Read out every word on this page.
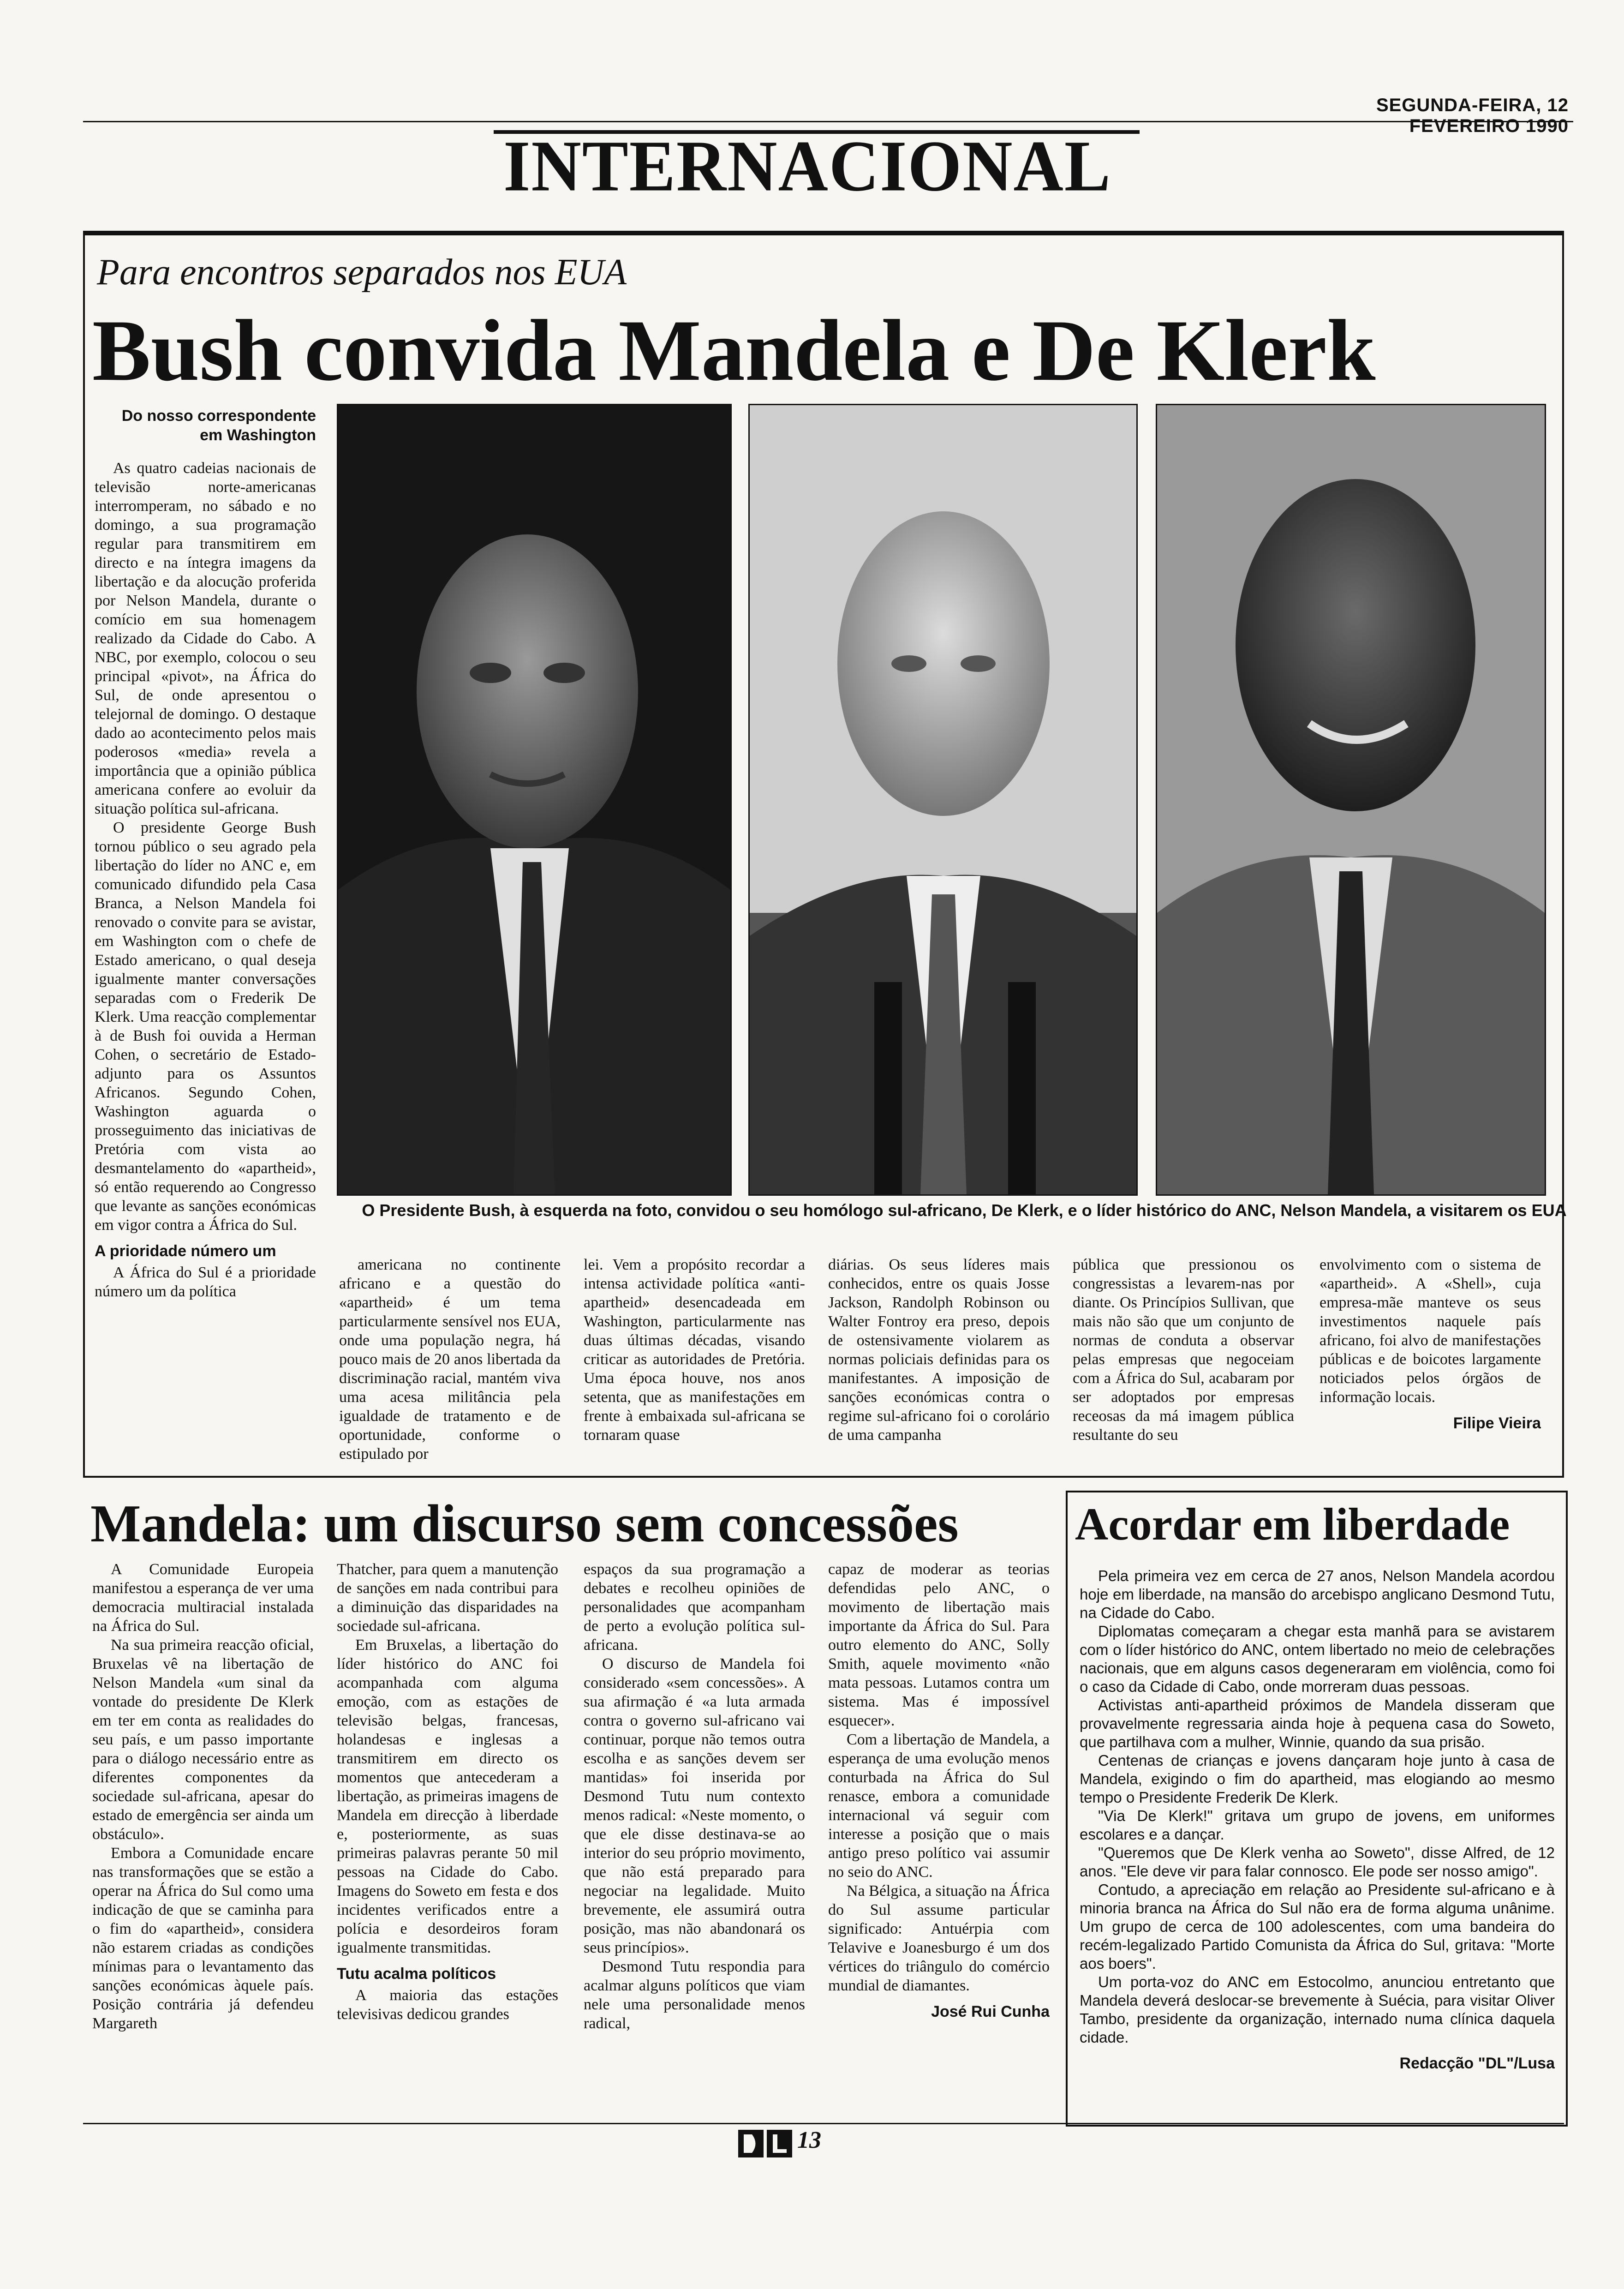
SEGUNDA-FEIRA, 12 FEVEREIRO 1990
INTERNACIONAL
Para encontros separados nos EUA
Bush convida Mandela e De Klerk
Do nosso correspondente
em Washington

As quatro cadeias nacionais de televisão norte-americanas interromperam, no sábado e no domingo, a sua programação regular para transmitirem em directo e na íntegra imagens da libertação e da alocução proferida por Nelson Mandela, durante o comício em sua homenagem realizado da Cidade do Cabo. A NBC, por exemplo, colocou o seu principal «pivot», na África do Sul, de onde apresentou o telejornal de domingo. O destaque dado ao acontecimento pelos mais poderosos «media» revela a importância que a opinião pública americana confere ao evoluir da situação política sul-africana.

O presidente George Bush tornou público o seu agrado pela libertação do líder no ANC e, em comunicado difundido pela Casa Branca, a Nelson Mandela foi renovado o convite para se avistar, em Washington com o chefe de Estado americano, o qual deseja igualmente manter conversações separadas com o Frederik De Klerk. Uma reacção complementar à de Bush foi ouvida a Herman Cohen, o secretário de Estado-adjunto para os Assuntos Africanos. Segundo Cohen, Washington aguarda o prosseguimento das iniciativas de Pretória com vista ao desmantelamento do «apartheid», só então requerendo ao Congresso que levante as sanções económicas em vigor contra a África do Sul.

A prioridade número um

A África do Sul é a prioridade número um da política

O Presidente Bush, à esquerda na foto, convidou o seu homólogo sul-africano, De Klerk, e o líder histórico do ANC, Nelson Mandela, a visitarem os EUA

americana no continente africano e a questão do «apartheid» é um tema particularmente sensível nos EUA, onde uma população negra, há pouco mais de 20 anos libertada da discriminação racial, mantém viva uma acesa militância pela igualdade de tratamento e de oportunidade, conforme o estipulado por

lei. Vem a propósito recordar a intensa actividade política «anti-apartheid» desencadeada em Washington, particularmente nas duas últimas décadas, visando criticar as autoridades de Pretória. Uma época houve, nos anos setenta, que as manifestações em frente à embaixada sul-africana se tornaram quase

diárias. Os seus líderes mais conhecidos, entre os quais Josse Jackson, Randolph Robinson ou Walter Fontroy era preso, depois de ostensivamente violarem as normas policiais definidas para os manifestantes. A imposição de sanções económicas contra o regime sul-africano foi o corolário de uma campanha

pública que pressionou os congressistas a levarem-nas por diante. Os Princípios Sullivan, que mais não são que um conjunto de normas de conduta a observar pelas empresas que negoceiam com a África do Sul, acabaram por ser adoptados por empresas receosas da má imagem pública resultante do seu

envolvimento com o sistema de «apartheid». A «Shell», cuja empresa-mãe manteve os seus investimentos naquele país africano, foi alvo de manifestações públicas e de boicotes largamente noticiados pelos órgãos de informação locais.

Filipe Vieira
Mandela: um discurso sem concessões

A Comunidade Europeia manifestou a esperança de ver uma democracia multiracial instalada na África do Sul.

Na sua primeira reacção oficial, Bruxelas vê na libertação de Nelson Mandela «um sinal da vontade do presidente De Klerk em ter em conta as realidades do seu país, e um passo importante para o diálogo necessário entre as diferentes componentes da sociedade sul-africana, apesar do estado de emergência ser ainda um obstáculo».

Embora a Comunidade encare nas transformações que se estão a operar na África do Sul como uma indicação de que se caminha para o fim do «apartheid», considera não estarem criadas as condições mínimas para o levantamento das sanções económicas àquele país. Posição contrária já defendeu Margareth

Thatcher, para quem a manutenção de sanções em nada contribui para a diminuição das disparidades na sociedade sul-africana.

Em Bruxelas, a libertação do líder histórico do ANC foi acompanhada com alguma emoção, com as estações de televisão belgas, francesas, holandesas e inglesas a transmitirem em directo os momentos que antecederam a libertação, as primeiras imagens de Mandela em direcção à liberdade e, posteriormente, as suas primeiras palavras perante 50 mil pessoas na Cidade do Cabo. Imagens do Soweto em festa e dos incidentes verificados entre a polícia e desordeiros foram igualmente transmitidas.

Tutu acalma políticos

A maioria das estações televisivas dedicou grandes

espaços da sua programação a debates e recolheu opiniões de personalidades que acompanham de perto a evolução política sul-africana.

O discurso de Mandela foi considerado «sem concessões». A sua afirmação é «a luta armada contra o governo sul-africano vai continuar, porque não temos outra escolha e as sanções devem ser mantidas» foi inserida por Desmond Tutu num contexto menos radical: «Neste momento, o que ele disse destinava-se ao interior do seu próprio movimento, que não está preparado para negociar na legalidade. Muito brevemente, ele assumirá outra posição, mas não abandonará os seus princípios».

Desmond Tutu respondia para acalmar alguns políticos que viam nele uma personalidade menos radical,

capaz de moderar as teorias defendidas pelo ANC, o movimento de libertação mais importante da África do Sul. Para outro elemento do ANC, Solly Smith, aquele movimento «não mata pessoas. Lutamos contra um sistema. Mas é impossível esquecer».

Com a libertação de Mandela, a esperança de uma evolução menos conturbada na África do Sul renasce, embora a comunidade internacional vá seguir com interesse a posição que o mais antigo preso político vai assumir no seio do ANC.

Na Bélgica, a situação na África do Sul assume particular significado: Antuérpia com Telavive e Joanesburgo é um dos vértices do triângulo do comércio mundial de diamantes.

José Rui Cunha
Acordar em liberdade

Pela primeira vez em cerca de 27 anos, Nelson Mandela acordou hoje em liberdade, na mansão do arcebispo anglicano Desmond Tutu, na Cidade do Cabo.

Diplomatas começaram a chegar esta manhã para se avistarem com o líder histórico do ANC, ontem libertado no meio de celebrações nacionais, que em alguns casos degeneraram em violência, como foi o caso da Cidade di Cabo, onde morreram duas pessoas.

Activistas anti-apartheid próximos de Mandela disseram que provavelmente regressaria ainda hoje à pequena casa do Soweto, que partilhava com a mulher, Winnie, quando da sua prisão.

Centenas de crianças e jovens dançaram hoje junto à casa de Mandela, exigindo o fim do apartheid, mas elogiando ao mesmo tempo o Presidente Frederik De Klerk.

"Via De Klerk!" gritava um grupo de jovens, em uniformes escolares e a dançar.

"Queremos que De Klerk venha ao Soweto", disse Alfred, de 12 anos. "Ele deve vir para falar connosco. Ele pode ser nosso amigo".

Contudo, a apreciação em relação ao Presidente sul-africano e à minoria branca na África do Sul não era de forma alguma unânime. Um grupo de cerca de 100 adolescentes, com uma bandeira do recém-legalizado Partido Comunista da África do Sul, gritava: "Morte aos boers".

Um porta-voz do ANC em Estocolmo, anunciou entretanto que Mandela deverá deslocar-se brevemente à Suécia, para visitar Oliver Tambo, presidente da organização, internado numa clínica daquela cidade.

Redacção "DL"/Lusa
13
